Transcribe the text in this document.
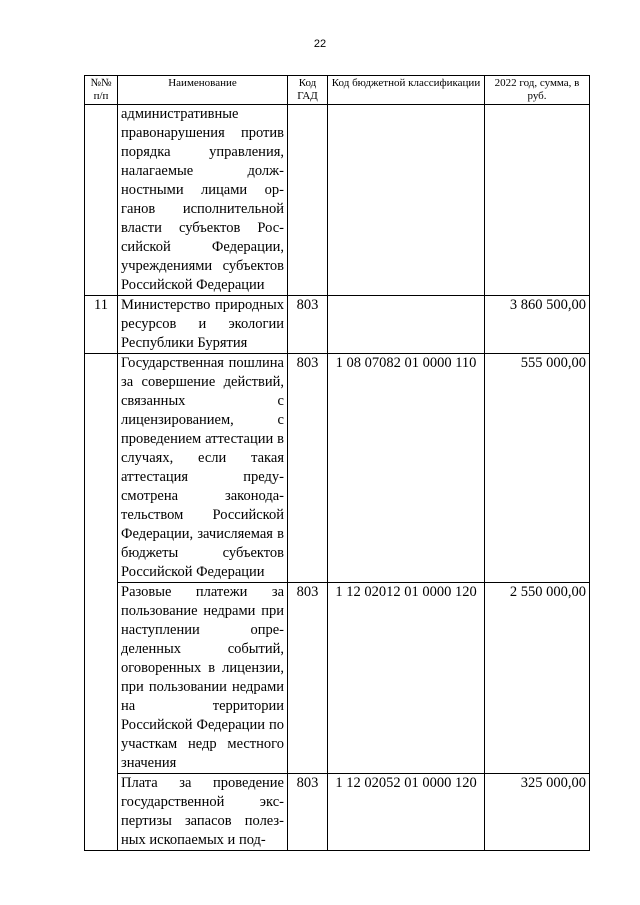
22
№№ п/п	Наименование	Код ГАД	Код бюджетной классификации	2022 год, сумма, в руб.
	административные правонарушения против порядка управления, налагаемые должностными лицами органов исполнительной власти субъектов Российской Федерации, учреждениями субъектов Российской Федерации			
11	Министерство природных ресурсов и экологии Республики Бурятия	803		3 860 500,00
	Государственная пошлина за совершение действий, связанных с лицензированием, с проведением аттестации в случаях, если такая аттестация предусмотрена законодательством Российской Федерации, зачисляемая в бюджеты субъектов Российской Федерации	803	1 08 07082 01 0000 110	555 000,00
	Разовые платежи за пользование недрами при наступлении определенных событий, оговоренных в лицензии, при пользовании недрами на территории Российской Федерации по участкам недр местного значения	803	1 12 02012 01 0000 120	2 550 000,00
	Плата за проведение государственной экспертизы запасов полезных ископаемых и под-	803	1 12 02052 01 0000 120	325 000,00
